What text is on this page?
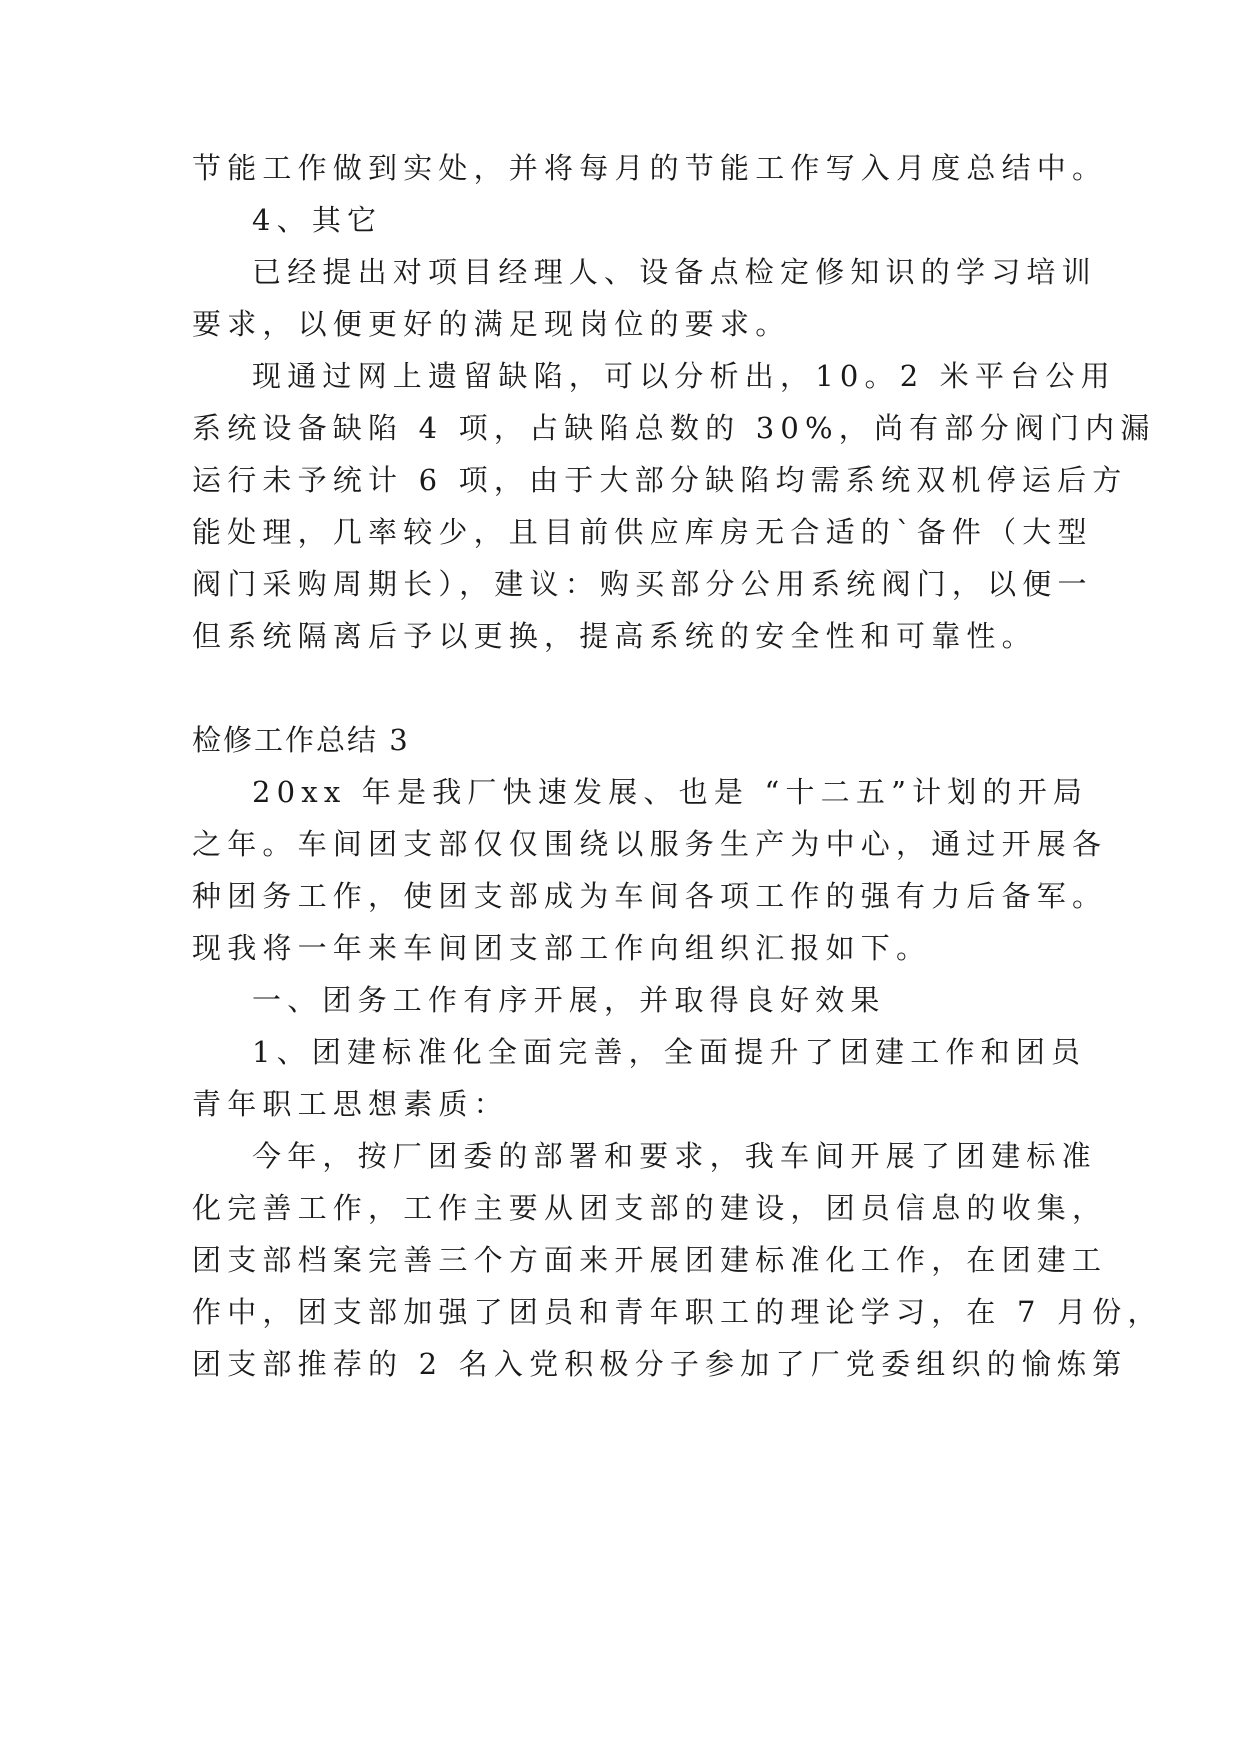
节能工作做到实处，并将每月的节能工作写入月度总结中。
4、其它
已经提出对项目经理人、设备点检定修知识的学习培训
要求，以便更好的满足现岗位的要求。
现通过网上遗留缺陷，可以分析出，10。2 米平台公用
系统设备缺陷 4 项，占缺陷总数的 30%，尚有部分阀门内漏
运行未予统计 6 项，由于大部分缺陷均需系统双机停运后方
能处理，几率较少，且目前供应库房无合适的`备件（大型
阀门采购周期长），建议：购买部分公用系统阀门，以便一
但系统隔离后予以更换，提高系统的安全性和可靠性。
检修工作总结 3
20xx 年是我厂快速发展、也是 “十二五”计划的开局
之年。车间团支部仅仅围绕以服务生产为中心，通过开展各
种团务工作，使团支部成为车间各项工作的强有力后备军。
现我将一年来车间团支部工作向组织汇报如下。
一、团务工作有序开展，并取得良好效果
1、团建标准化全面完善，全面提升了团建工作和团员
青年职工思想素质：
今年，按厂团委的部署和要求，我车间开展了团建标准
化完善工作，工作主要从团支部的建设，团员信息的收集，
团支部档案完善三个方面来开展团建标准化工作，在团建工
作中，团支部加强了团员和青年职工的理论学习，在 7 月份，
团支部推荐的 2 名入党积极分子参加了厂党委组织的愉炼第
